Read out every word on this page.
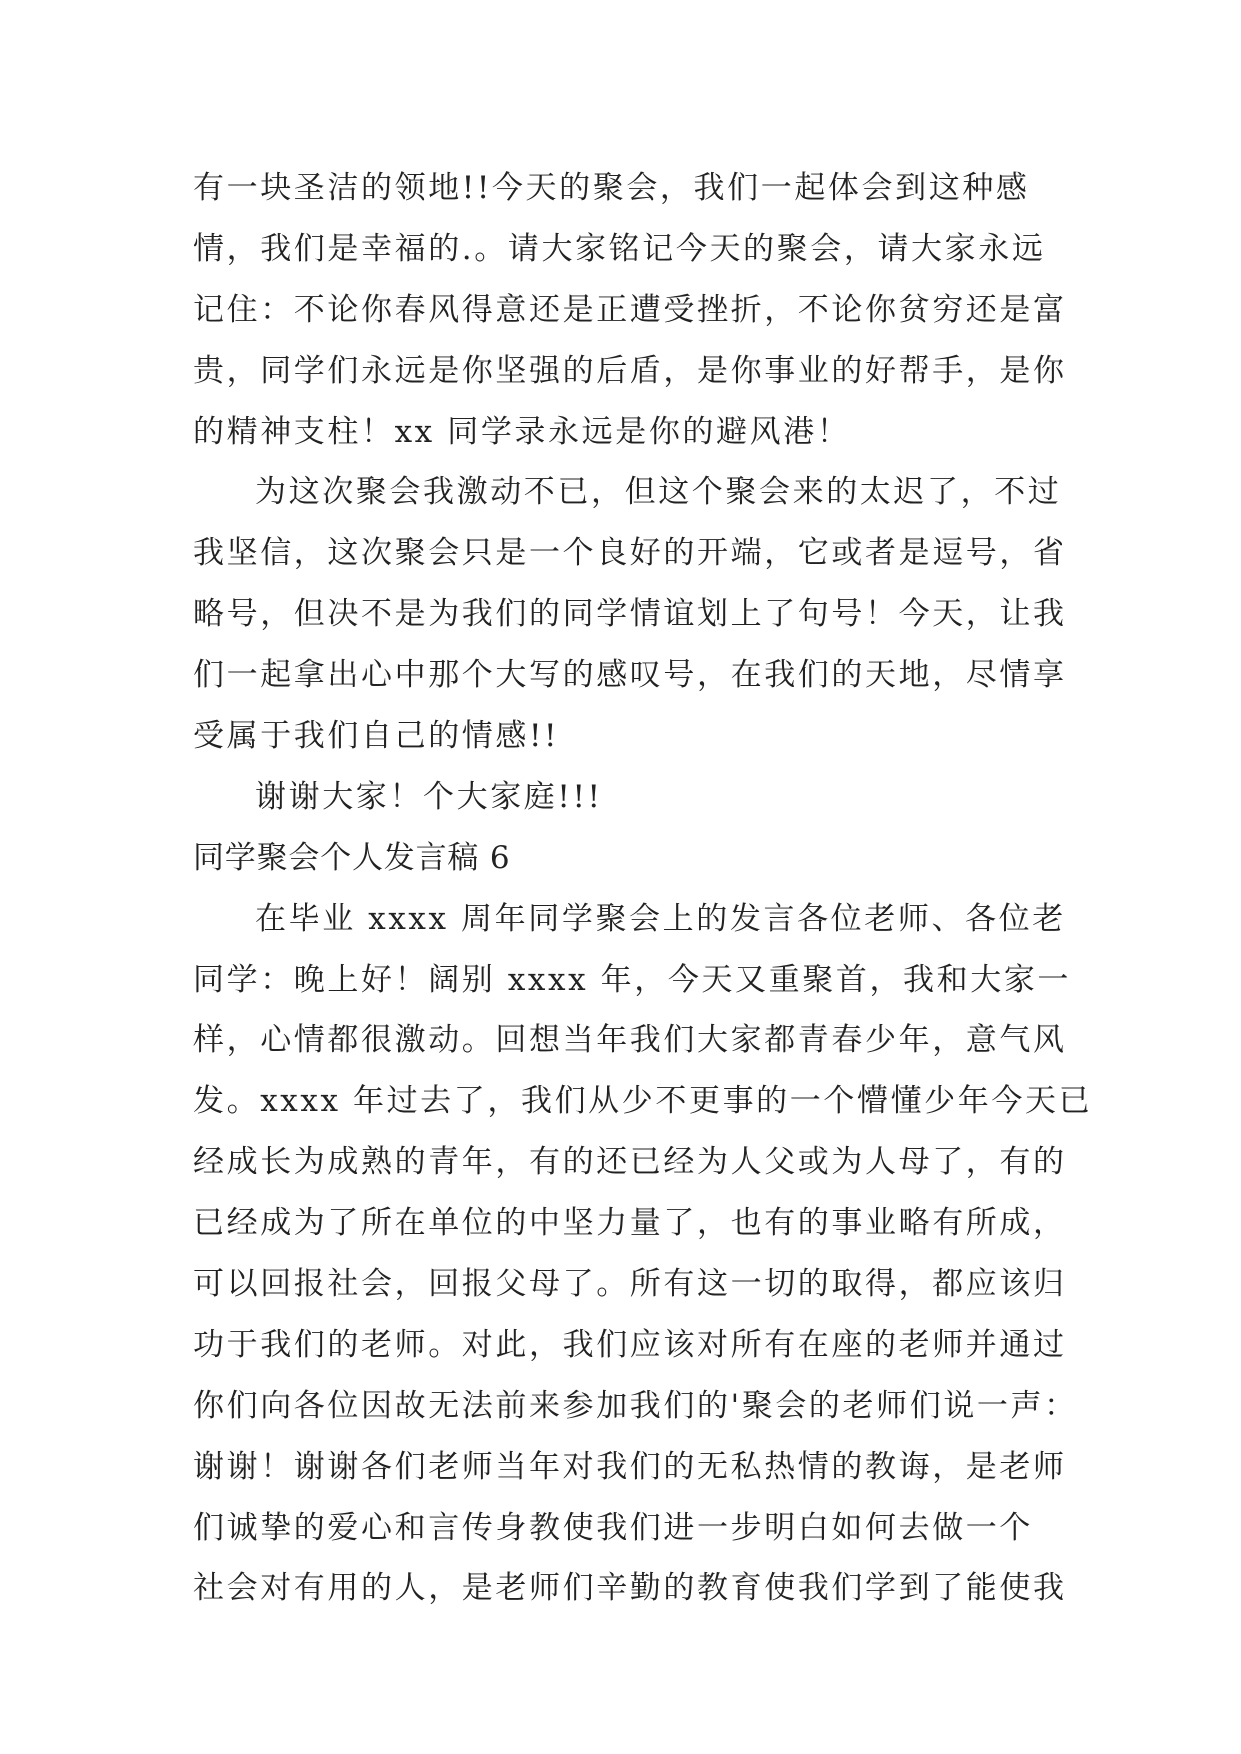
有一块圣洁的领地!!今天的聚会，我们一起体会到这种感
情，我们是幸福的.。请大家铭记今天的聚会，请大家永远
记住：不论你春风得意还是正遭受挫折，不论你贫穷还是富
贵，同学们永远是你坚强的后盾，是你事业的好帮手，是你
的精神支柱！xx 同学录永远是你的避风港！
为这次聚会我激动不已，但这个聚会来的太迟了，不过
我坚信，这次聚会只是一个良好的开端，它或者是逗号，省
略号，但决不是为我们的同学情谊划上了句号！今天，让我
们一起拿出心中那个大写的感叹号，在我们的天地，尽情享
受属于我们自己的情感!!
谢谢大家！个大家庭!!!
同学聚会个人发言稿 6
在毕业 xxxx 周年同学聚会上的发言各位老师、各位老
同学：晚上好！阔别 xxxx 年，今天又重聚首，我和大家一
样，心情都很激动。回想当年我们大家都青春少年，意气风
发。xxxx 年过去了，我们从少不更事的一个懵懂少年今天已
经成长为成熟的青年，有的还已经为人父或为人母了，有的
已经成为了所在单位的中坚力量了，也有的事业略有所成，
可以回报社会，回报父母了。所有这一切的取得，都应该归
功于我们的老师。对此，我们应该对所有在座的老师并通过
你们向各位因故无法前来参加我们的'聚会的老师们说一声：
谢谢！谢谢各们老师当年对我们的无私热情的教诲，是老师
们诚挚的爱心和言传身教使我们进一步明白如何去做一个
社会对有用的人，是老师们辛勤的教育使我们学到了能使我
